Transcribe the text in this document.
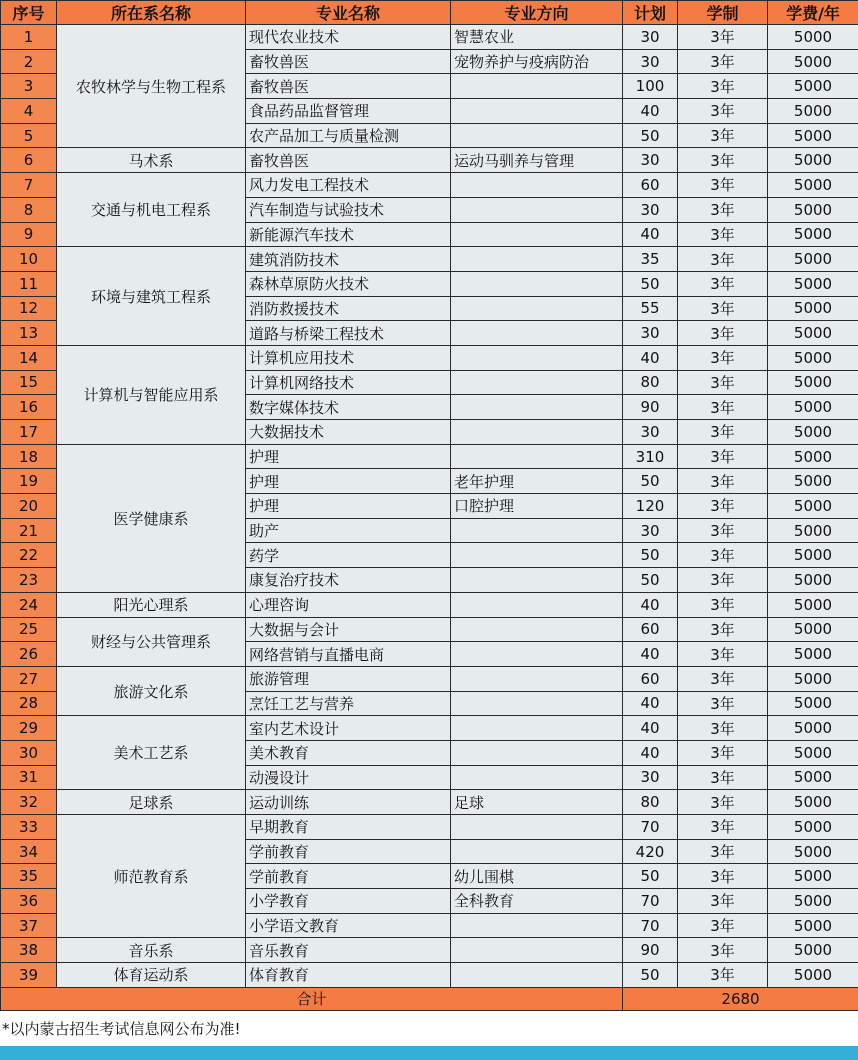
序号	所在系名称	专业名称	专业方向	计划	学制	学费/年
1	农牧林学与生物工程系	现代农业技术	智慧农业	30	3年	5000
2		畜牧兽医	宠物养护与疫病防治	30	3年	5000
3		畜牧兽医		100	3年	5000
4		食品药品监督管理		40	3年	5000
5		农产品加工与质量检测		50	3年	5000
6	马术系	畜牧兽医	运动马驯养与管理	30	3年	5000
7	交通与机电工程系	风力发电工程技术		60	3年	5000
8		汽车制造与试验技术		30	3年	5000
9		新能源汽车技术		40	3年	5000
10	环境与建筑工程系	建筑消防技术		35	3年	5000
11		森林草原防火技术		50	3年	5000
12		消防救援技术		55	3年	5000
13		道路与桥梁工程技术		30	3年	5000
14	计算机与智能应用系	计算机应用技术		40	3年	5000
15		计算机网络技术		80	3年	5000
16		数字媒体技术		90	3年	5000
17		大数据技术		30	3年	5000
18	医学健康系	护理		310	3年	5000
19		护理	老年护理	50	3年	5000
20		护理	口腔护理	120	3年	5000
21		助产		30	3年	5000
22		药学		50	3年	5000
23		康复治疗技术		50	3年	5000
24	阳光心理系	心理咨询		40	3年	5000
25	财经与公共管理系	大数据与会计		60	3年	5000
26		网络营销与直播电商		40	3年	5000
27	旅游文化系	旅游管理		60	3年	5000
28		烹饪工艺与营养		40	3年	5000
29	美术工艺系	室内艺术设计		40	3年	5000
30		美术教育		40	3年	5000
31		动漫设计		30	3年	5000
32	足球系	运动训练	足球	80	3年	5000
33	师范教育系	早期教育		70	3年	5000
34		学前教育		420	3年	5000
35		学前教育	幼儿围棋	50	3年	5000
36		小学教育	全科教育	70	3年	5000
37		小学语文教育		70	3年	5000
38	音乐系	音乐教育		90	3年	5000
39	体育运动系	体育教育		50	3年	5000
合计				2680		
*以内蒙古招生考试信息网公布为准!
